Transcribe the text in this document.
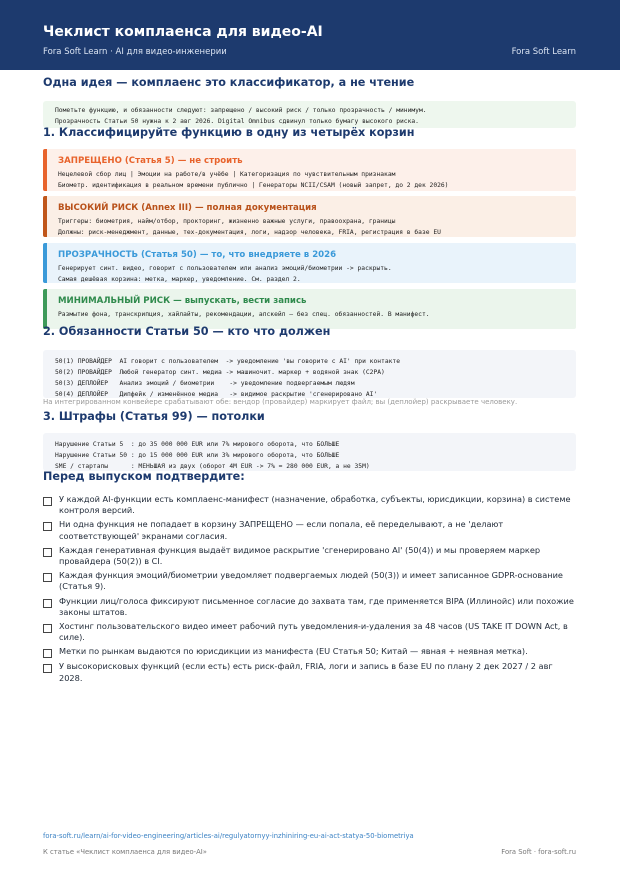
Чеклист комплаенса для видео-AI
Fora Soft Learn · AI для видео-инженерии	Fora Soft Learn
Одна идея — комплаенс это классификатор, а не чтение
Пометьте функцию, и обязанности следуют: запрещено / высокий риск / только прозрачность / минимум.
Прозрачность Статьи 50 нужна к 2 авг 2026. Digital Omnibus сдвинул только бумагу высокого риска.
1. Классифицируйте функцию в одну из четырёх корзин
ЗАПРЕЩЕНО (Статья 5) — не строить
Нецелевой сбор лиц | Эмоции на работе/в учёбе | Категоризация по чувствительным признакам
Биометр. идентификация в реальном времени публично | Генераторы NCII/CSAM (новый запрет, до 2 дек 2026)
ВЫСОКИЙ РИСК (Annex III) — полная документация
Триггеры: биометрия, найм/отбор, прокторинг, жизненно важные услуги, правоохрана, границы
Должны: риск-менеджмент, данные, тех-документация, логи, надзор человека, FRIA, регистрация в базе EU
ПРОЗРАЧНОСТЬ (Статья 50) — то, что внедряете в 2026
Генерирует синт. видео, говорит с пользователем или анализ эмоций/биометрии -> раскрыть.
Самая дешёвая корзина: метка, маркер, уведомление. См. раздел 2.
МИНИМАЛЬНЫЙ РИСК — выпускать, вести запись
Размытие фона, транскрипция, хайлайты, рекомендации, апскейл — без спец. обязанностей. В манифест.
2. Обязанности Статьи 50 — кто что должен
50(1) ПРОВАЙДЕР  AI говорит с пользователем  -> уведомление 'вы говорите с AI' при контакте
50(2) ПРОВАЙДЕР  Любой генератор синт. медиа -> машиночит. маркер + водяной знак (C2PA)
50(3) ДЕПЛОЙЕР   Анализ эмоций / биометрии    -> уведомление подвергаемым людям
50(4) ДЕПЛОЙЕР   Дипфейк / изменённое медиа   -> видимое раскрытие 'сгенерировано AI'
На интегрированном конвейере срабатывают обе: вендор (провайдер) маркирует файл; вы (деплойер) раскрываете человеку.
3. Штрафы (Статья 99) — потолки
Нарушение Статьи 5  : до 35 000 000 EUR или 7% мирового оборота, что БОЛЬШЕ
Нарушение Статьи 50 : до 15 000 000 EUR или 3% мирового оборота, что БОЛЬШЕ
SME / стартапы      : МЕНЬШАЯ из двух (оборот 4M EUR -> 7% = 280 000 EUR, а не 35M)
Перед выпуском подтвердите:
У каждой AI-функции есть комплаенс-манифест (назначение, обработка, субъекты, юрисдикции, корзина) в системе контроля версий.
Ни одна функция не попадает в корзину ЗАПРЕЩЕНО — если попала, её переделывают, а не 'делают соответствующей' экранами согласия.
Каждая генеративная функция выдаёт видимое раскрытие 'сгенерировано AI' (50(4)) и мы проверяем маркер провайдера (50(2)) в CI.
Каждая функция эмоций/биометрии уведомляет подвергаемых людей (50(3)) и имеет записанное GDPR-основание (Статья 9).
Функции лиц/голоса фиксируют письменное согласие до захвата там, где применяется BIPA (Иллинойс) или похожие законы штатов.
Хостинг пользовательского видео имеет рабочий путь уведомления-и-удаления за 48 часов (US TAKE IT DOWN Act, в силе).
Метки по рынкам выдаются по юрисдикции из манифеста (EU Статья 50; Китай — явная + неявная метка).
У высокорисковых функций (если есть) есть риск-файл, FRIA, логи и запись в базе EU по плану 2 дек 2027 / 2 авг 2028.
fora-soft.ru/learn/ai-for-video-engineering/articles-ai/regulyatornyy-inzhiniring-eu-ai-act-statya-50-biometriya
К статье «Чеклист комплаенса для видео-AI»	Fora Soft · fora-soft.ru
